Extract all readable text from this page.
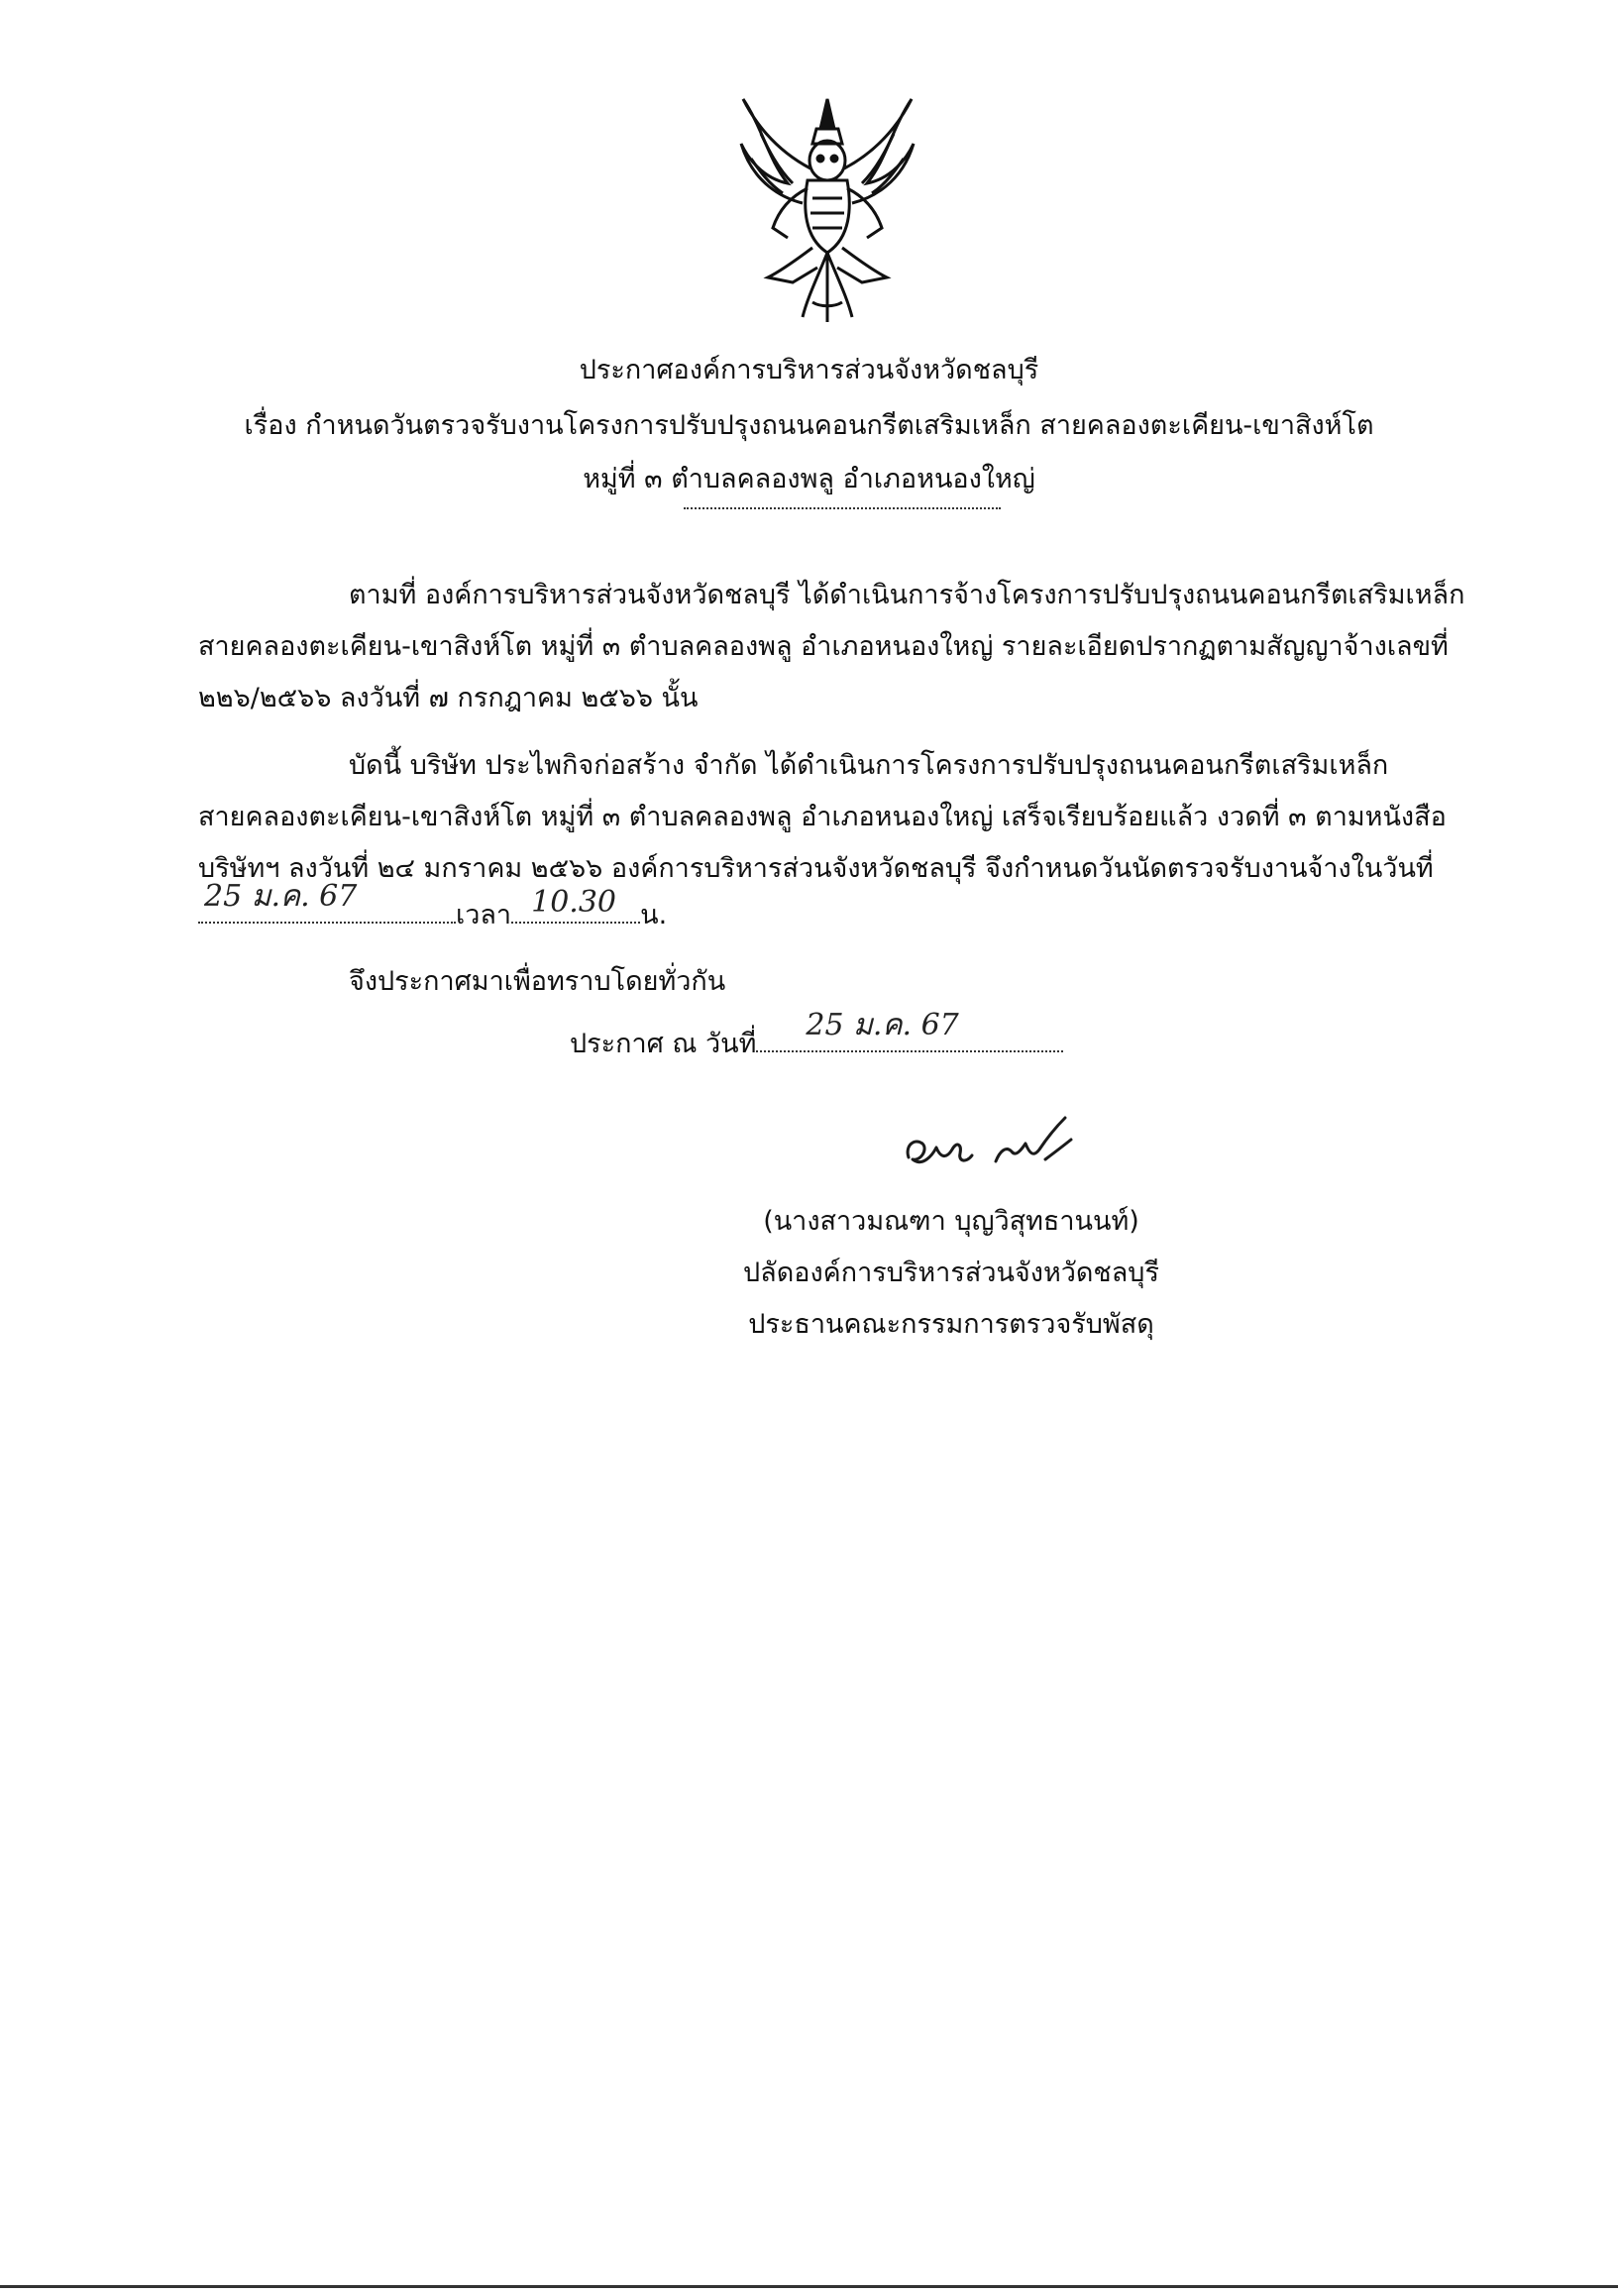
ประกาศองค์การบริหารส่วนจังหวัดชลบุรี
เรื่อง กำหนดวันตรวจรับงานโครงการปรับปรุงถนนคอนกรีตเสริมเหล็ก สายคลองตะเคียน-เขาสิงห์โต
หมู่ที่ ๓ ตำบลคลองพลู อำเภอหนองใหญ่
ตามที่ องค์การบริหารส่วนจังหวัดชลบุรี ได้ดำเนินการจ้างโครงการปรับปรุงถนนคอนกรีตเสริมเหล็ก
สายคลองตะเคียน-เขาสิงห์โต หมู่ที่ ๓ ตำบลคลองพลู อำเภอหนองใหญ่ รายละเอียดปรากฏตามสัญญาจ้างเลขที่
๒๒๖/๒๕๖๖ ลงวันที่ ๗ กรกฎาคม ๒๕๖๖ นั้น
บัดนี้ บริษัท ประไพกิจก่อสร้าง จำกัด ได้ดำเนินการโครงการปรับปรุงถนนคอนกรีตเสริมเหล็ก
สายคลองตะเคียน-เขาสิงห์โต หมู่ที่ ๓ ตำบลคลองพลู อำเภอหนองใหญ่ เสร็จเรียบร้อยแล้ว งวดที่ ๓ ตามหนังสือ
บริษัทฯ ลงวันที่ ๒๔ มกราคม ๒๕๖๖ องค์การบริหารส่วนจังหวัดชลบุรี จึงกำหนดวันนัดตรวจรับงานจ้างในวันที่
25 ม.ค. 67
เวลา 10.30 น.
จึงประกาศมาเพื่อทราบโดยทั่วกัน
ประกาศ ณ วันที่
25 ม.ค. 67
(นางสาวมณฑา บุญวิสุทธานนท์)
ปลัดองค์การบริหารส่วนจังหวัดชลบุรี
ประธานคณะกรรมการตรวจรับพัสดุ
